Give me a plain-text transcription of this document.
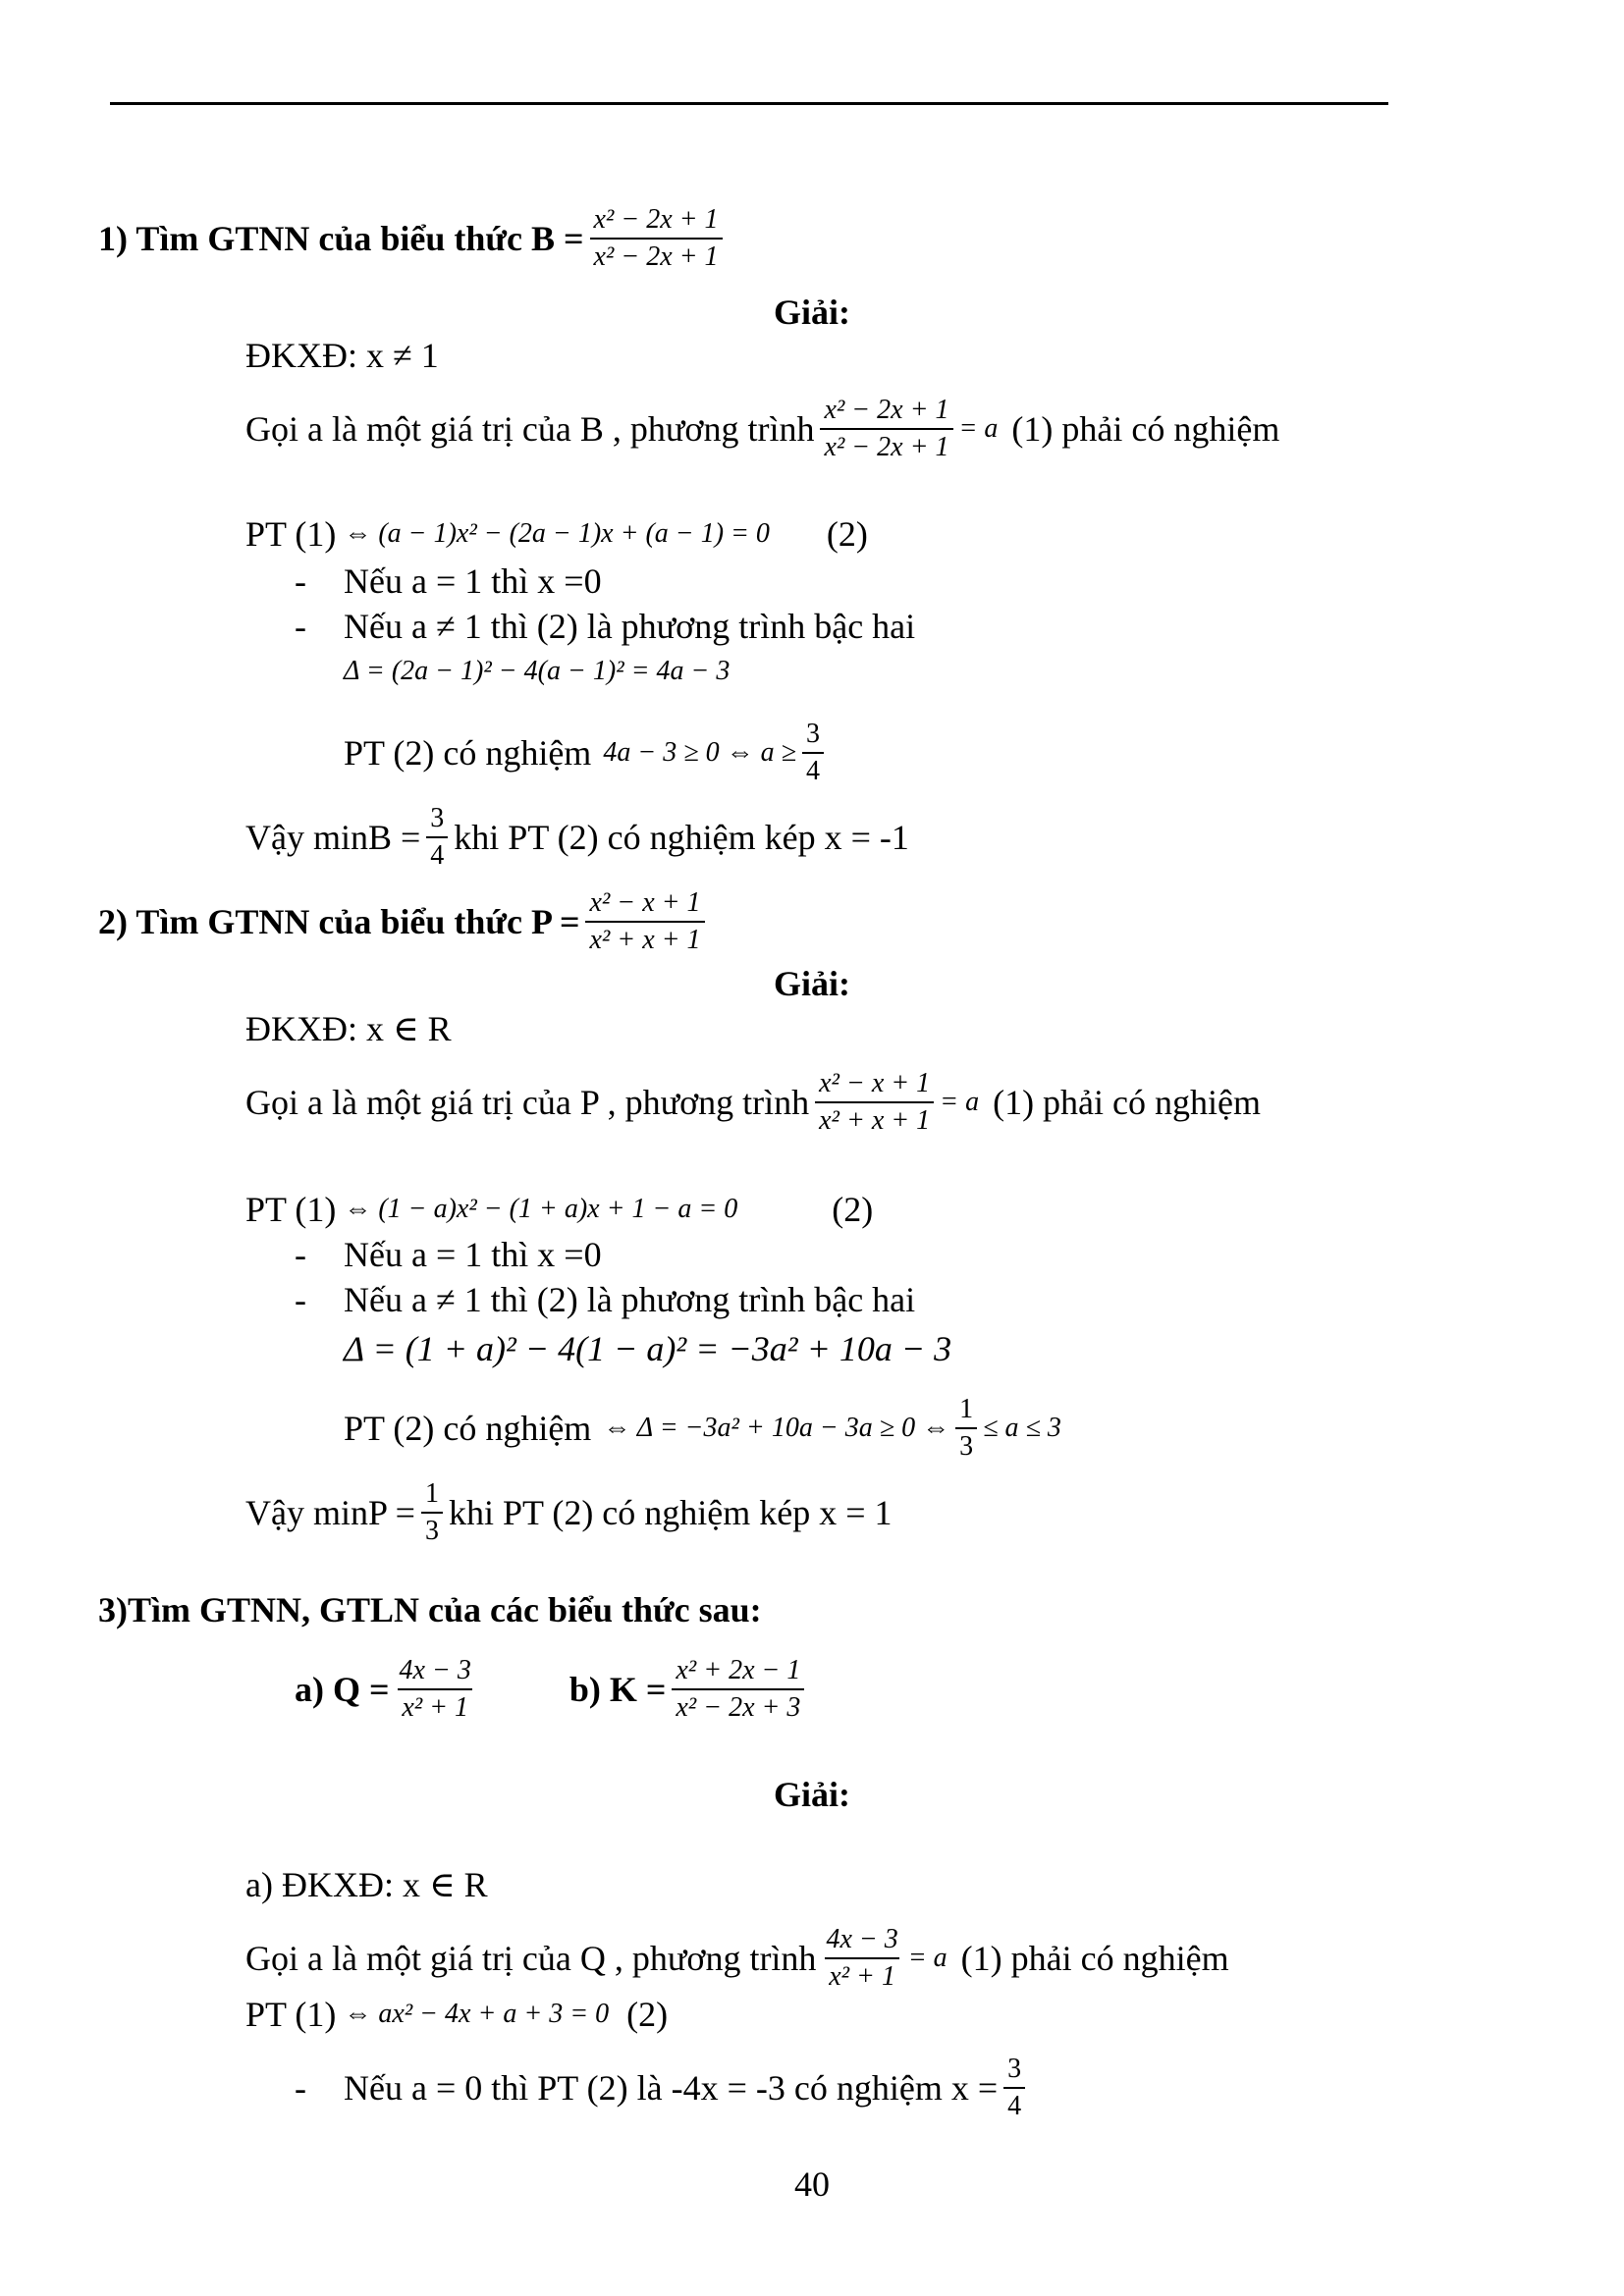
1) Tìm GTNN của biểu thức $B = \frac{\text{x² − 2x + 1}}{\text{x² − 2x + 1}}$
Giải:
ĐKXĐ: x ≠ 1
Gọi a là một giá trị của B , phương trình $\frac{\text{x² − 2x + 1}}{\text{x² − 2x + 1}} = a$ (1) phải có nghiệm
PT (1) ⇔ (a − 1)x² − (2a − 1)x + (a − 1) = 0 (2)
-	Nếu a = 1 thì x =0
-	Nếu a ≠ 1 thì (2) là phương trình bậc hai
Δ = (2a − 1)² − 4(a − 1)² = 4a − 3
PT (2) có nghiệm 4a − 3 ≥ 0 ⇔ $a \ge \frac{3}{4}$
Vậy $\min B = \frac{3}{4}$ khi PT (2) có nghiệm kép x = -1
2) Tìm GTNN của biểu thức $P = \frac{\text{x² − x + 1}}{\text{x² + x + 1}}$
Giải:
ĐKXĐ: x ∈ R
Gọi a là một giá trị của P , phương trình $\frac{\text{x² − x + 1}}{\text{x² + x + 1}} = a$ (1) phải có nghiệm
PT (1) ⇔ (1 − a)x² − (1 + a)x + 1 − a = 0	(2)
-	Nếu a = 1 thì x =0
-	Nếu a ≠ 1 thì (2) là phương trình bậc hai
Δ = (1 + a)² − 4(1 − a)² = −3a² + 10a − 3
PT (2) có nghiệm ⇔ Δ = −3a² + 10a − 3a ≥ 0 ⇔ $\frac{1}{3} \le a \le 3$
Vậy $\min P = \frac{1}{3}$ khi PT (2) có nghiệm kép x = 1
3)Tìm GTNN, GTLN của các biểu thức sau:
a) $Q = \frac{4x - 3}{\text{x² + 1}}$	b) $K = \frac{\text{x² + 2x − 1}}{\text{x² − 2x + 3}}$
Giải:
a) ĐKXĐ: x ∈ R
Gọi a là một giá trị của Q , phương trình $\frac{4x - 3}{\text{x² + 1}} = a$ (1) phải có nghiệm
PT (1) ⇔ ax² − 4x + a + 3 = 0 (2)
-	Nếu a = 0 thì PT (2) là -4x = -3 có nghiệm $x = \frac{3}{4}$
40
